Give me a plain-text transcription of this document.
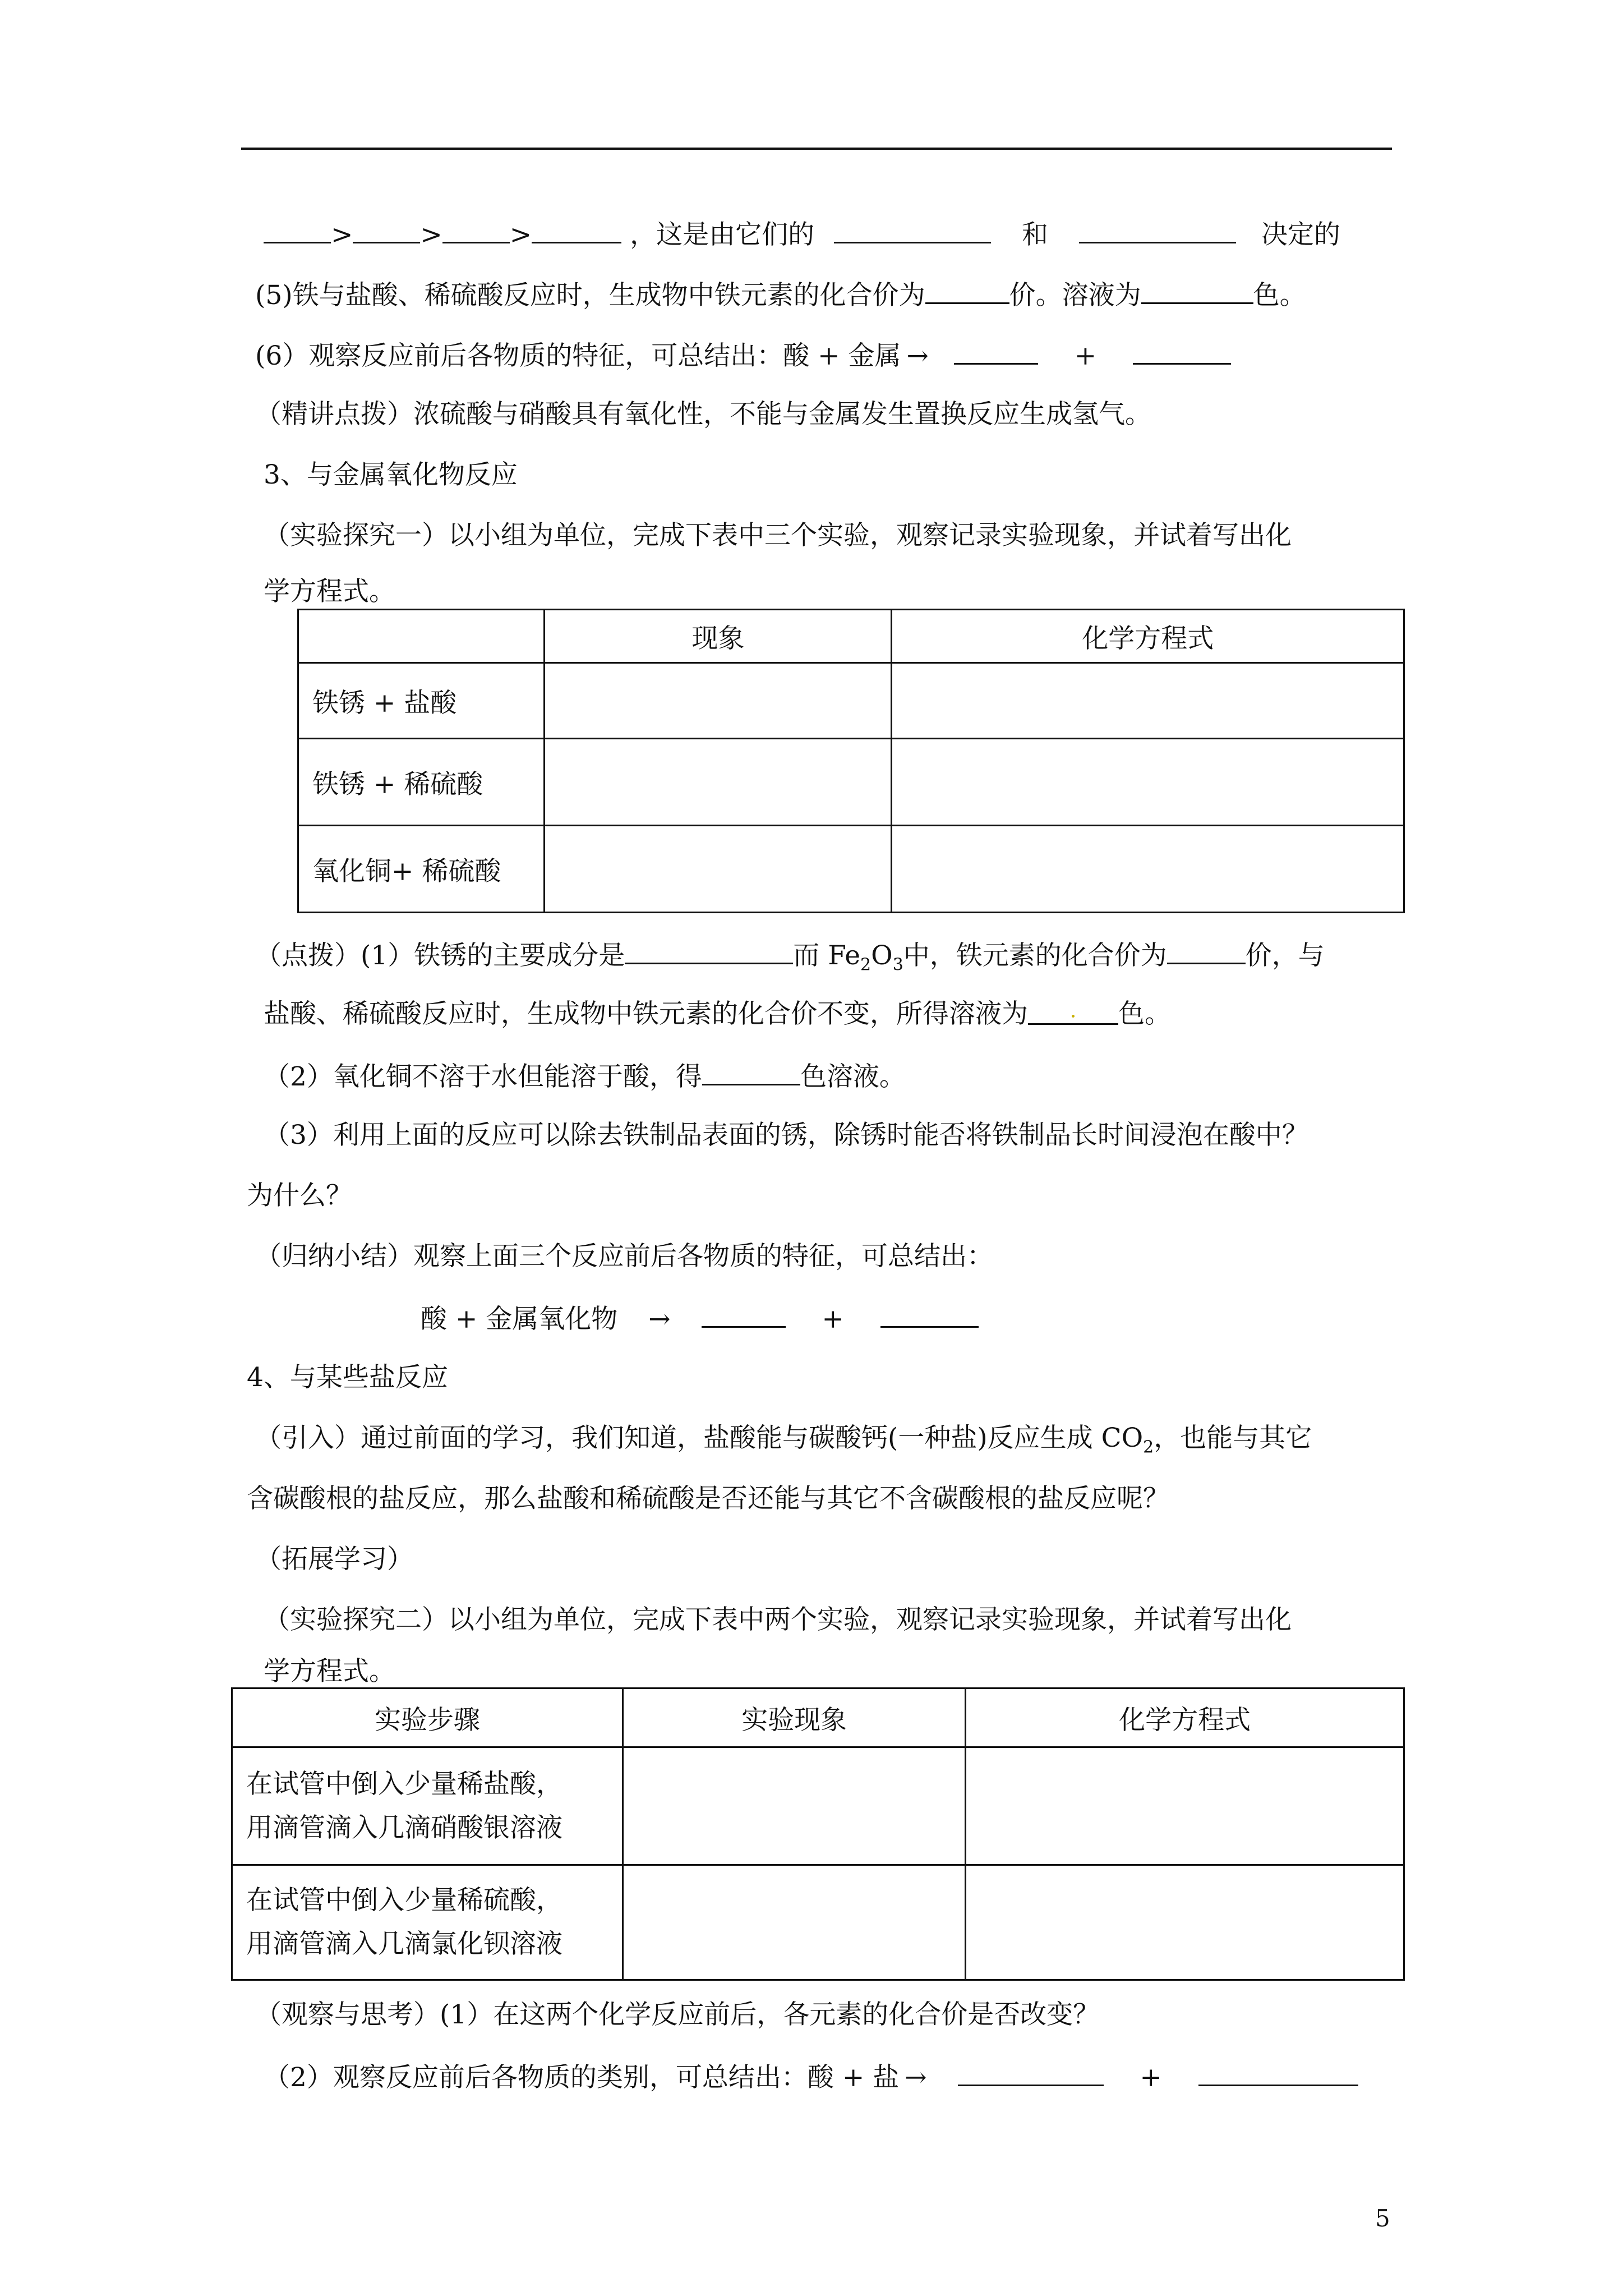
>	>	>	，这是由它们的	和	决定的
(5)铁与盐酸、稀硫酸反应时，生成物中铁元素的化合价为	价。溶液为	色。
(6）观察反应前后各物质的特征，可总结出：酸 + 金属 →	+
（精讲点拨）浓硫酸与硝酸具有氧化性，不能与金属发生置换反应生成氢气。
3、与金属氧化物反应
（实验探究一）以小组为单位，完成下表中三个实验，观察记录实验现象，并试着写出化
学方程式。
	现象	化学方程式
铁锈 + 盐酸		
铁锈 + 稀硫酸		
氧化铜+ 稀硫酸		
（点拨）(1）铁锈的主要成分是	而 $Fe_2O_3$中，铁元素的化合价为	价，与
盐酸、稀硫酸反应时，生成物中铁元素的化合价不变，所得溶液为	色。
（2）氧化铜不溶于水但能溶于酸，得	色溶液。
（3）利用上面的反应可以除去铁制品表面的锈，除锈时能否将铁制品长时间浸泡在酸中？
为什么？
（归纳小结）观察上面三个反应前后各物质的特征，可总结出：
酸 + 金属氧化物 →	+
4、与某些盐反应
（引入）通过前面的学习，我们知道，盐酸能与碳酸钙(一种盐)反应生成 $CO_2$，也能与其它
含碳酸根的盐反应，那么盐酸和稀硫酸是否还能与其它不含碳酸根的盐反应呢？
（拓展学习）
（实验探究二）以小组为单位，完成下表中两个实验，观察记录实验现象，并试着写出化
学方程式。
实验步骤	实验现象	化学方程式

在试管中倒入少量稀盐酸，
用滴管滴入几滴硝酸银溶液		

在试管中倒入少量稀硫酸，
用滴管滴入几滴氯化钡溶液		

（观察与思考）(1）在这两个化学反应前后，各元素的化合价是否改变？
（2）观察反应前后各物质的类别，可总结出：酸 + 盐 →	+
5
